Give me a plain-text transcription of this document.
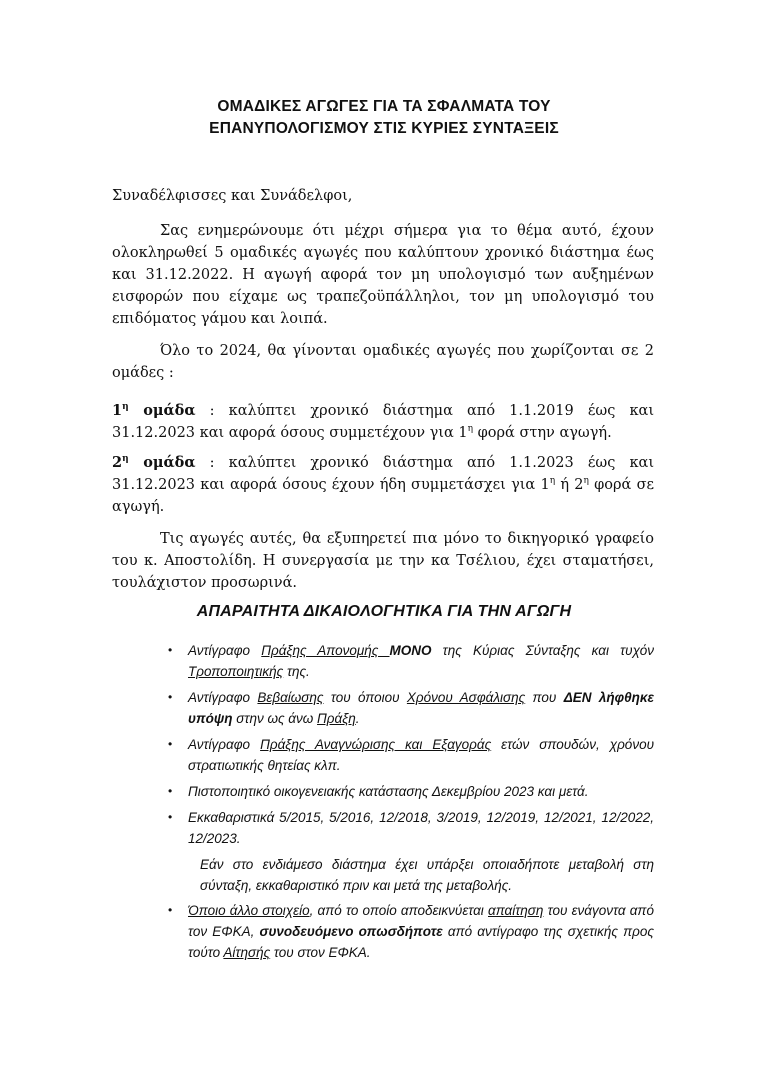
ΟΜΑΔΙΚΕΣ ΑΓΩΓΕΣ ΓΙΑ ΤΑ ΣΦΑΛΜΑΤΑ ΤΟΥ
ΕΠΑΝΥΠΟΛΟΓΙΣΜΟΥ ΣΤΙΣ ΚΥΡΙΕΣ ΣΥΝΤΑΞΕΙΣ
Συναδέλφισσες και Συνάδελφοι,
Σας ενημερώνουμε ότι μέχρι σήμερα για το θέμα αυτό, έχουν ολοκληρωθεί 5 ομαδικές αγωγές που καλύπτουν χρονικό διάστημα έως και 31.12.2022. Η αγωγή αφορά τον μη υπολογισμό των αυξημένων εισφορών που είχαμε ως τραπεζοϋπάλληλοι, τον μη υπολογισμό του επιδόματος γάμου και λοιπά.
Όλο το 2024, θα γίνονται ομαδικές αγωγές που χωρίζονται σε 2 ομάδες :
$1^\eta$ ομάδα : καλύπτει χρονικό διάστημα από 1.1.2019 έως και 31.12.2023 και αφορά όσους συμμετέχουν για $1^\eta$ φορά στην αγωγή.
$2^\eta$ ομάδα : καλύπτει χρονικό διάστημα από 1.1.2023 έως και 31.12.2023 και αφορά όσους έχουν ήδη συμμετάσχει για $1^\eta$ ή $2^\eta$ φορά σε αγωγή.
Τις αγωγές αυτές, θα εξυπηρετεί πια μόνο το δικηγορικό γραφείο του κ. Αποστολίδη. Η συνεργασία με την κα Τσέλιου, έχει σταματήσει, τουλάχιστον προσωρινά.
ΑΠΑΡΑΙΤΗΤΑ ΔΙΚΑΙΟΛΟΓΗΤΙΚΑ ΓΙΑ ΤΗΝ ΑΓΩΓΗ
• Αντίγραφο Πράξης Απονομής ΜΟΝΟ της Κύριας Σύνταξης και τυχόν Τροποποιητικής της.
• Αντίγραφο Βεβαίωσης του όποιου Χρόνου Ασφάλισης που ΔΕΝ λήφθηκε υπόψη στην ως άνω Πράξη.
• Αντίγραφο Πράξης Αναγνώρισης και Εξαγοράς ετών σπουδών, χρόνου στρατιωτικής θητείας κλπ.
• Πιστοποιητικό οικογενειακής κατάστασης Δεκεμβρίου 2023 και μετά.
• Εκκαθαριστικά 5/2015, 5/2016, 12/2018, 3/2019, 12/2019, 12/2021, 12/2022, 12/2023.
Εάν στο ενδιάμεσο διάστημα έχει υπάρξει οποιαδήποτε μεταβολή στη σύνταξη, εκκαθαριστικό πριν και μετά της μεταβολής.
• Όποιο άλλο στοιχείο, από το οποίο αποδεικνύεται απαίτηση του ενάγοντα από τον ΕΦΚΑ, συνοδευόμενο οπωσδήποτε από αντίγραφο της σχετικής προς τούτο Αίτησής του στον ΕΦΚΑ.
